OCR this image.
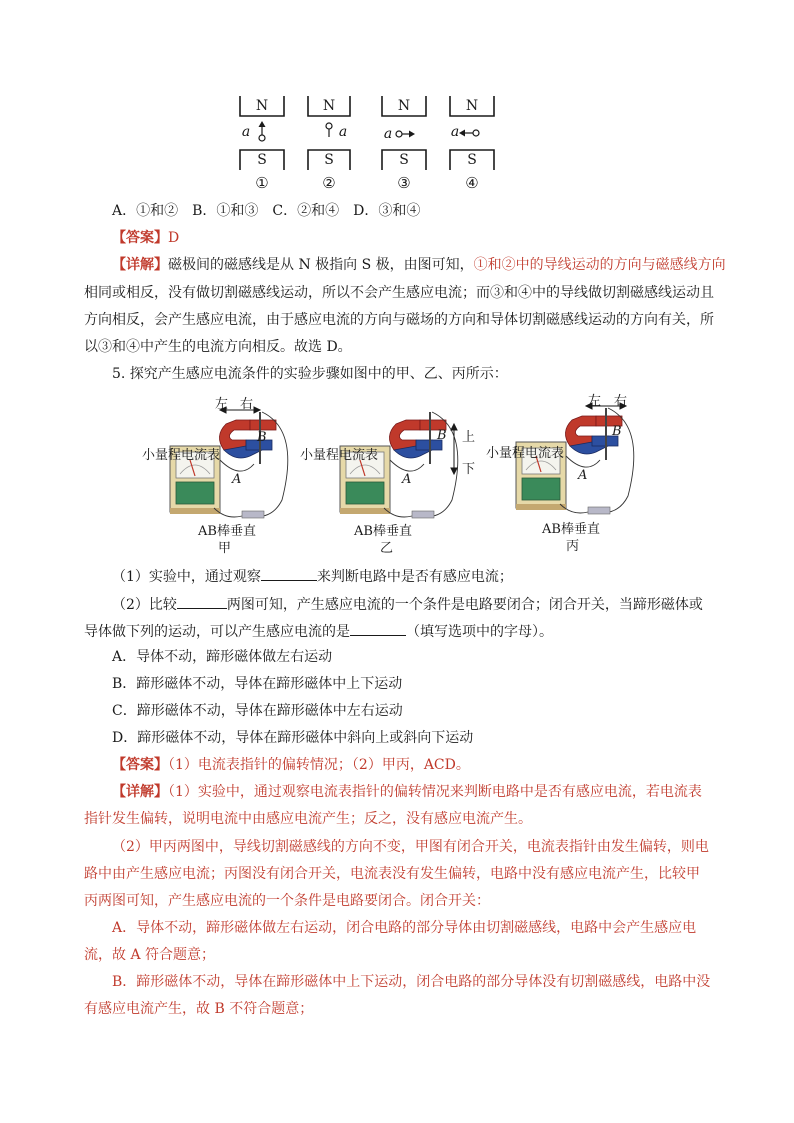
N	N	N	N
S	S	S	S
a	a	a	a
①	②	③	④
A．①和②　B．①和③　C．②和④　D．③和④
【答案】D
【详解】磁极间的磁感线是从 N 极指向 S 极，由图可知，①和②中的导线运动的方向与磁感线方向
相同或相反，没有做切割磁感线运动，所以不会产生感应电流；而③和④中的导线做切割磁感线运动且
方向相反，会产生感应电流，由于感应电流的方向与磁场的方向和导体切割磁感线运动的方向有关，所
以③和④中产生的电流方向相反。故选 D。
5. 探究产生感应电流条件的实验步骤如图中的甲、乙、丙所示：
左 右	左 右
上
下
B	B	B
A	A	A
小量程电流表	小量程电流表	小量程电流表
AB棒垂直	AB棒垂直	AB棒垂直
甲	乙	丙
（1）实验中，通过观察	来判断电路中是否有感应电流；
（2）比较	两图可知，产生感应电流的一个条件是电路要闭合；闭合开关，当蹄形磁体或
导体做下列的运动，可以产生感应电流的是	（填写选项中的字母）。
A．导体不动，蹄形磁体做左右运动
B．蹄形磁体不动，导体在蹄形磁体中上下运动
C．蹄形磁体不动，导体在蹄形磁体中左右运动
D．蹄形磁体不动，导体在蹄形磁体中斜向上或斜向下运动
【答案】（1）电流表指针的偏转情况；（2）甲丙，ACD。
【详解】（1）实验中，通过观察电流表指针的偏转情况来判断电路中是否有感应电流，若电流表
指针发生偏转，说明电流中由感应电流产生；反之，没有感应电流产生。
（2）甲丙两图中，导线切割磁感线的方向不变，甲图有闭合开关，电流表指针由发生偏转，则电
路中由产生感应电流；丙图没有闭合开关，电流表没有发生偏转，电路中没有感应电流产生，比较甲
丙两图可知，产生感应电流的一个条件是电路要闭合。闭合开关：
A．导体不动，蹄形磁体做左右运动，闭合电路的部分导体由切割磁感线，电路中会产生感应电
流，故 A 符合题意；
B．蹄形磁体不动，导体在蹄形磁体中上下运动，闭合电路的部分导体没有切割磁感线，电路中没
有感应电流产生，故 B 不符合题意；
